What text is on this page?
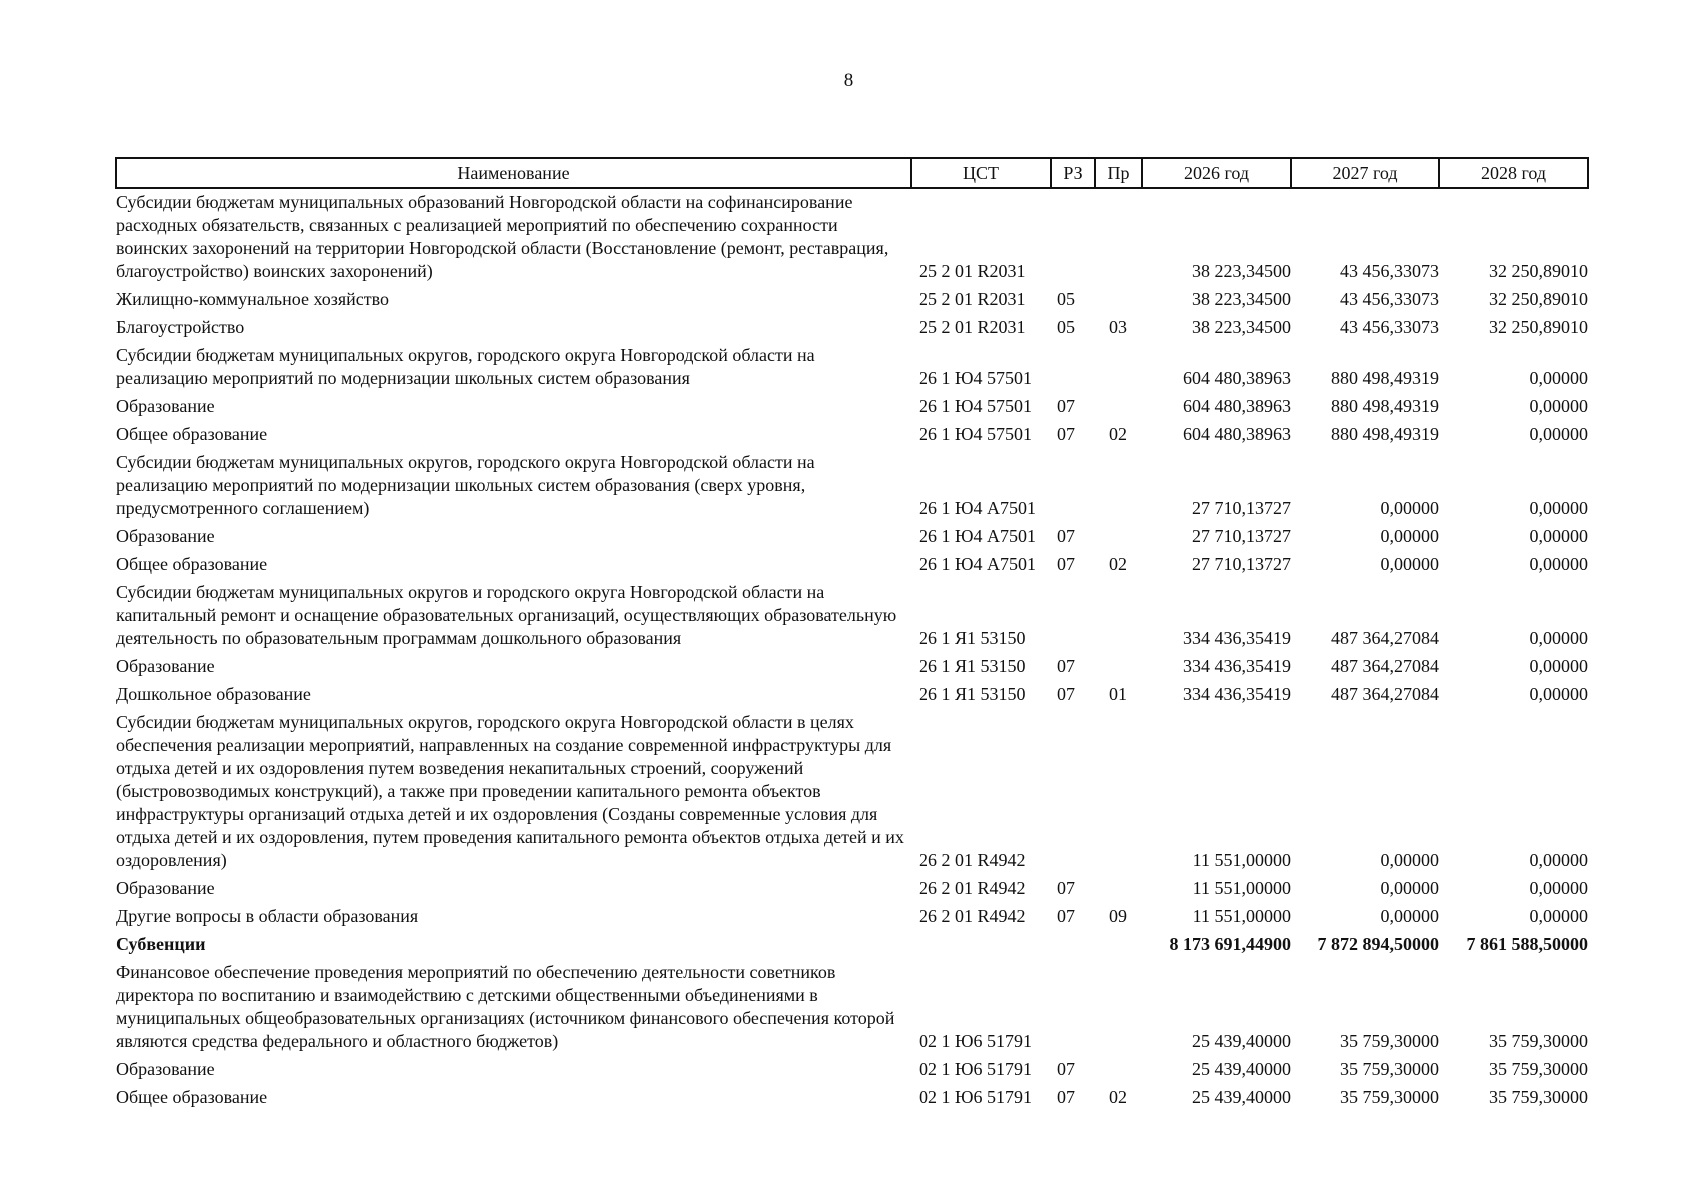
8
Наименование	ЦСТ	РЗ	Пр	2026 год	2027 год	2028 год
Субсидии бюджетам муниципальных образований Новгородской области на софинансирование расходных обязательств, связанных с реализацией мероприятий по обеспечению сохранности воинских захоронений на территории Новгородской области (Восстановление (ремонт, реставрация, благоустройство) воинских захоронений)	25 2 01 R2031			38 223,34500	43 456,33073	32 250,89010
Жилищно-коммунальное хозяйство	25 2 01 R2031	05		38 223,34500	43 456,33073	32 250,89010
Благоустройство	25 2 01 R2031	05	03	38 223,34500	43 456,33073	32 250,89010
Субсидии бюджетам муниципальных округов, городского округа Новгородской области на реализацию мероприятий по модернизации школьных систем образования	26 1 Ю4 57501			604 480,38963	880 498,49319	0,00000
Образование	26 1 Ю4 57501	07		604 480,38963	880 498,49319	0,00000
Общее образование	26 1 Ю4 57501	07	02	604 480,38963	880 498,49319	0,00000
Субсидии бюджетам муниципальных округов, городского округа Новгородской области на реализацию мероприятий по модернизации школьных систем образования (сверх уровня, предусмотренного соглашением)	26 1 Ю4 А7501			27 710,13727	0,00000	0,00000
Образование	26 1 Ю4 А7501	07		27 710,13727	0,00000	0,00000
Общее образование	26 1 Ю4 А7501	07	02	27 710,13727	0,00000	0,00000
Субсидии бюджетам муниципальных округов и городского округа Новгородской области на капитальный ремонт и оснащение образовательных организаций, осуществляющих образовательную деятельность по образовательным программам дошкольного образования	26 1 Я1 53150			334 436,35419	487 364,27084	0,00000
Образование	26 1 Я1 53150	07		334 436,35419	487 364,27084	0,00000
Дошкольное образование	26 1 Я1 53150	07	01	334 436,35419	487 364,27084	0,00000
Субсидии бюджетам муниципальных округов, городского округа Новгородской области в целях обеспечения реализации мероприятий, направленных на создание современной инфраструктуры для отдыха детей и их оздоровления путем возведения некапитальных строений, сооружений (быстровозводимых конструкций), а также при проведении капитального ремонта объектов инфраструктуры организаций отдыха детей и их оздоровления (Созданы современные условия для отдыха детей и их оздоровления, путем проведения капитального ремонта объектов отдыха детей и их оздоровления)	26 2 01 R4942			11 551,00000	0,00000	0,00000
Образование	26 2 01 R4942	07		11 551,00000	0,00000	0,00000
Другие вопросы в области образования	26 2 01 R4942	07	09	11 551,00000	0,00000	0,00000
Субвенции				8 173 691,44900	7 872 894,50000	7 861 588,50000
Финансовое обеспечение проведения мероприятий по обеспечению деятельности советников директора по воспитанию и взаимодействию с детскими общественными объединениями в муниципальных общеобразовательных организациях (источником финансового обеспечения которой являются средства федерального и областного бюджетов)	02 1 Ю6 51791			25 439,40000	35 759,30000	35 759,30000
Образование	02 1 Ю6 51791	07		25 439,40000	35 759,30000	35 759,30000
Общее образование	02 1 Ю6 51791	07	02	25 439,40000	35 759,30000	35 759,30000
